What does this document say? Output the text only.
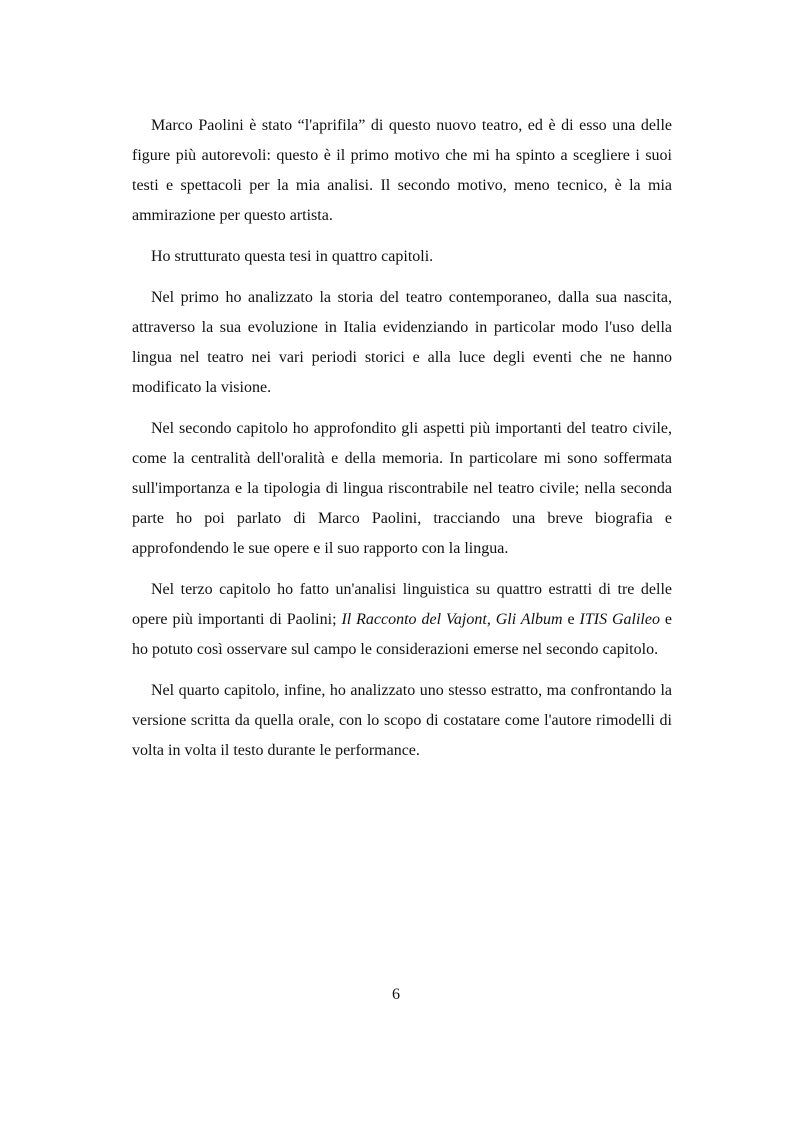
Marco Paolini è stato “l'aprifila” di questo nuovo teatro, ed è di esso una delle figure più autorevoli: questo è il primo motivo che mi ha spinto a scegliere i suoi testi e spettacoli per la mia analisi. Il secondo motivo, meno tecnico, è la mia ammirazione per questo artista.

Ho strutturato questa tesi in quattro capitoli.

Nel primo ho analizzato la storia del teatro contemporaneo, dalla sua nascita, attraverso la sua evoluzione in Italia evidenziando in particolar modo l'uso della lingua nel teatro nei vari periodi storici e alla luce degli eventi che ne hanno modificato la visione.

Nel secondo capitolo ho approfondito gli aspetti più importanti del teatro civile, come la centralità dell'oralità e della memoria. In particolare mi sono soffermata sull'importanza e la tipologia di lingua riscontrabile nel teatro civile; nella seconda parte ho poi parlato di Marco Paolini, tracciando una breve biografia e approfondendo le sue opere e il suo rapporto con la lingua.

Nel terzo capitolo ho fatto un'analisi linguistica su quattro estratti di tre delle opere più importanti di Paolini; Il Racconto del Vajont, Gli Album e ITIS Galileo e ho potuto così osservare sul campo le considerazioni emerse nel secondo capitolo.

Nel quarto capitolo, infine, ho analizzato uno stesso estratto, ma confrontando la versione scritta da quella orale, con lo scopo di costatare come l'autore rimodelli di volta in volta il testo durante le performance.

6
